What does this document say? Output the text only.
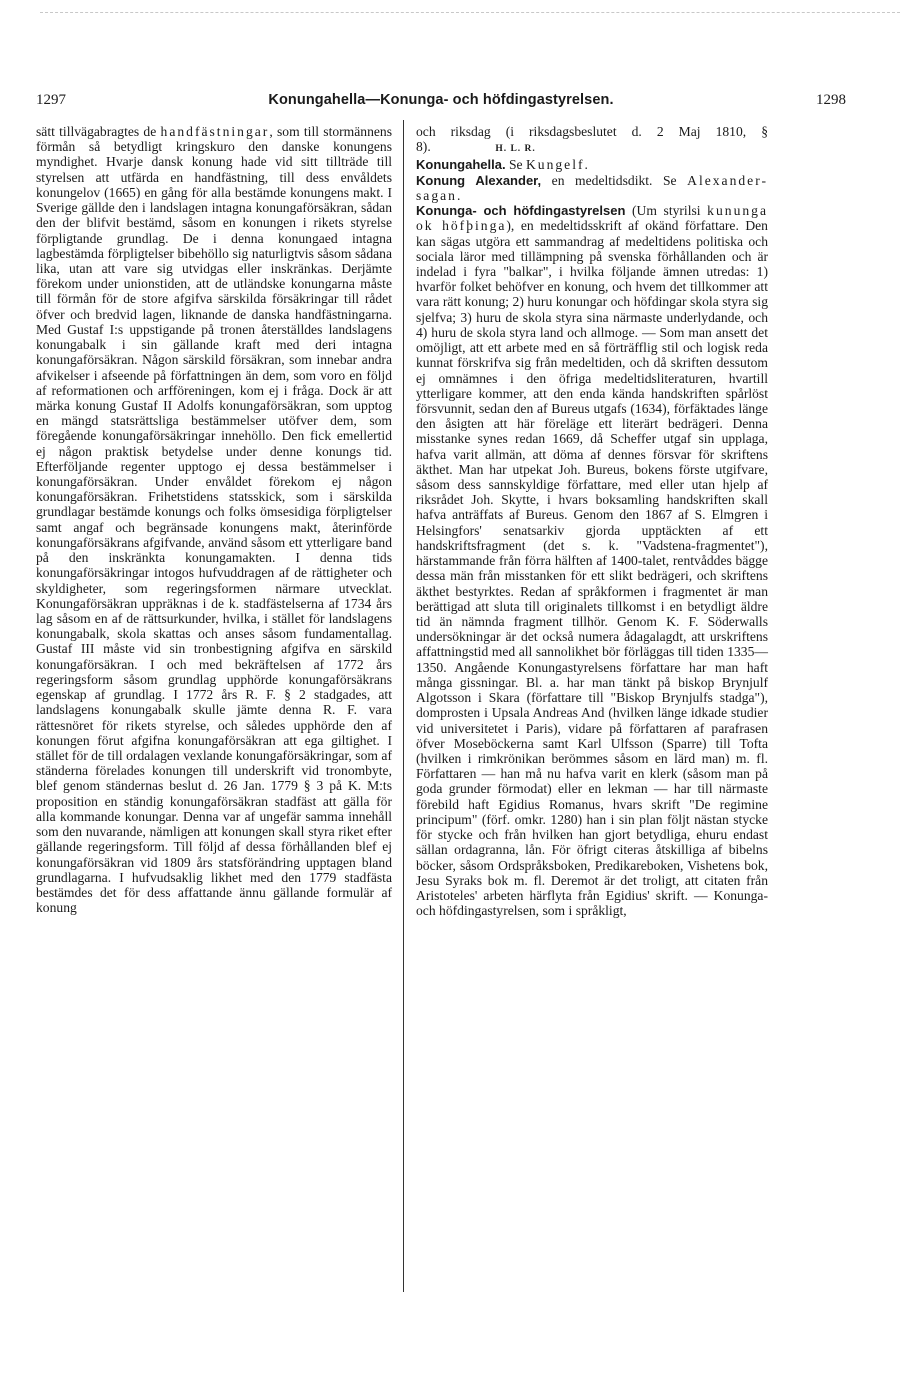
1297	Konungahella—Konunga- och höfdingastyrelsen.	1298

sätt tillvägabragtes de handfästningar, som till stormännens förmån så betydligt kringskuro den danske konungens myndighet. Hvarje dansk konung hade vid sitt tillträde till styrelsen att utfärda en handfästning, till dess envåldets konungelov (1665) en gång för alla bestämde konungens makt. I Sverige gällde den i landslagen intagna konungaförsäkran, sådan den der blifvit bestämd, såsom en konungen i rikets styrelse förpligtande grundlag. De i denna konungaed intagna lagbestämda förpligtelser bibehöllo sig naturligtvis såsom sådana lika, utan att vare sig utvidgas eller inskränkas. Derjämte förekom under unionstiden, att de utländske konungarna måste till förmån för de store afgifva särskilda försäkringar till rådet öfver och bredvid lagen, liknande de danska handfästningarna. Med Gustaf I:s uppstigande på tronen återställdes landslagens konungabalk i sin gällande kraft med deri intagna konungaförsäkran. Någon särskild försäkran, som innebar andra afvikelser i afseende på författningen än dem, som voro en följd af reformationen och arfföreningen, kom ej i fråga. Dock är att märka konung Gustaf II Adolfs konungaförsäkran, som upptog en mängd statsrättsliga bestämmelser utöfver dem, som föregående konungaförsäkringar innehöllo. Den fick emellertid ej någon praktisk betydelse under denne konungs tid. Efterföljande regenter upptogo ej dessa bestämmelser i konungaförsäkran. Under envåldet förekom ej någon konungaförsäkran. Frihetstidens statsskick, som i särskilda grundlagar bestämde konungs och folks ömsesidiga förpligtelser samt angaf och begränsade konungens makt, återinförde konungaförsäkrans afgifvande, använd såsom ett ytterligare band på den inskränkta konungamakten. I denna tids konungaförsäkringar intogos hufvuddragen af de rättigheter och skyldigheter, som regeringsformen närmare utvecklat. Konungaförsäkran uppräknas i de k. stadfästelserna af 1734 års lag såsom en af de rättsurkunder, hvilka, i stället för landslagens konungabalk, skola skattas och anses såsom fundamentallag. Gustaf III måste vid sin tronbestigning afgifva en särskild konungaförsäkran. I och med bekräftelsen af 1772 års regeringsform såsom grundlag upphörde konungaförsäkrans egenskap af grundlag. I 1772 års R. F. § 2 stadgades, att landslagens konungabalk skulle jämte denna R. F. vara rättesnöret för rikets styrelse, och således upphörde den af konungen förut afgifna konungaförsäkran att ega giltighet. I stället för de till ordalagen vexlande konungaförsäkringar, som af ständerna förelades konungen till underskrift vid tronombyte, blef genom ständernas beslut d. 26 Jan. 1779 § 3 på K. M:ts proposition en ständig konungaförsäkran stadfäst att gälla för alla kommande konungar. Denna var af ungefär samma innehåll som den nuvarande, nämligen att konungen skall styra riket efter gällande regeringsform. Till följd af dessa förhållanden blef ej konungaförsäkran vid 1809 års statsförändring upptagen bland grundlagarna. I hufvudsaklig likhet med den 1779 stadfästa bestämdes det för dess affattande ännu gällande formulär af konung

och riksdag (i riksdagsbeslutet d. 2 Maj 1810, § 8).	H. L. R.

Konungahella. Se Kungelf.

Konung Alexander, en medeltidsdikt. Se Alexander-sagan.

Konunga- och höfdingastyrelsen (Um styrilsi kununga ok höfþinga), en medeltidsskrift af okänd författare. Den kan sägas utgöra ett sammandrag af medeltidens politiska och sociala läror med tillämpning på svenska förhållanden och är indelad i fyra "balkar", i hvilka följande ämnen utredas: 1) hvarför folket behöfver en konung, och hvem det tillkommer att vara rätt konung; 2) huru konungar och höfdingar skola styra sig sjelfva; 3) huru de skola styra sina närmaste underlydande, och 4) huru de skola styra land och allmoge. — Som man ansett det omöjligt, att ett arbete med en så förträfflig stil och logisk reda kunnat förskrifva sig från medeltiden, och då skriften dessutom ej omnämnes i den öfriga medeltidsliteraturen, hvartill ytterligare kommer, att den enda kända handskriften spårlöst försvunnit, sedan den af Bureus utgafs (1634), förfäktades länge den åsigten att här föreläge ett literärt bedrägeri. Denna misstanke synes redan 1669, då Scheffer utgaf sin upplaga, hafva varit allmän, att döma af dennes försvar för skriftens äkthet. Man har utpekat Joh. Bureus, bokens förste utgifvare, såsom dess sannskyldige författare, med eller utan hjelp af riksrådet Joh. Skytte, i hvars boksamling handskriften skall hafva anträffats af Bureus. Genom den 1867 af S. Elmgren i Helsingfors' senatsarkiv gjorda upptäckten af ett handskriftsfragment (det s. k. "Vadstena-fragmentet"), härstammande från förra hälften af 1400-talet, rentvåddes bägge dessa män från misstanken för ett slikt bedrägeri, och skriftens äkthet bestyrktes. Redan af språkformen i fragmentet är man berättigad att sluta till originalets tillkomst i en betydligt äldre tid än nämnda fragment tillhör. Genom K. F. Söderwalls undersökningar är det också numera ådagalagdt, att urskriftens affattningstid med all sannolikhet bör förläggas till tiden 1335—1350. Angående Konungastyrelsens författare har man haft många gissningar. Bl. a. har man tänkt på biskop Brynjulf Algotsson i Skara (författare till "Biskop Brynjulfs stadga"), domprosten i Upsala Andreas And (hvilken länge idkade studier vid universitetet i Paris), vidare på författaren af parafrasen öfver Moseböckerna samt Karl Ulfsson (Sparre) till Tofta (hvilken i rimkrönikan berömmes såsom en lärd man) m. fl. Författaren — han må nu hafva varit en klerk (såsom man på goda grunder förmodat) eller en lekman — har till närmaste förebild haft Egidius Romanus, hvars skrift "De regimine principum" (förf. omkr. 1280) han i sin plan följt nästan stycke för stycke och från hvilken han gjort betydliga, ehuru endast sällan ordagranna, lån. För öfrigt citeras åtskilliga af bibelns böcker, såsom Ordspråksboken, Predikareboken, Vishetens bok, Jesu Syraks bok m. fl. Deremot är det troligt, att citaten från Aristoteles' arbeten härflyta från Egidius' skrift. — Konunga- och höfdingastyrelsen, som i språkligt,
